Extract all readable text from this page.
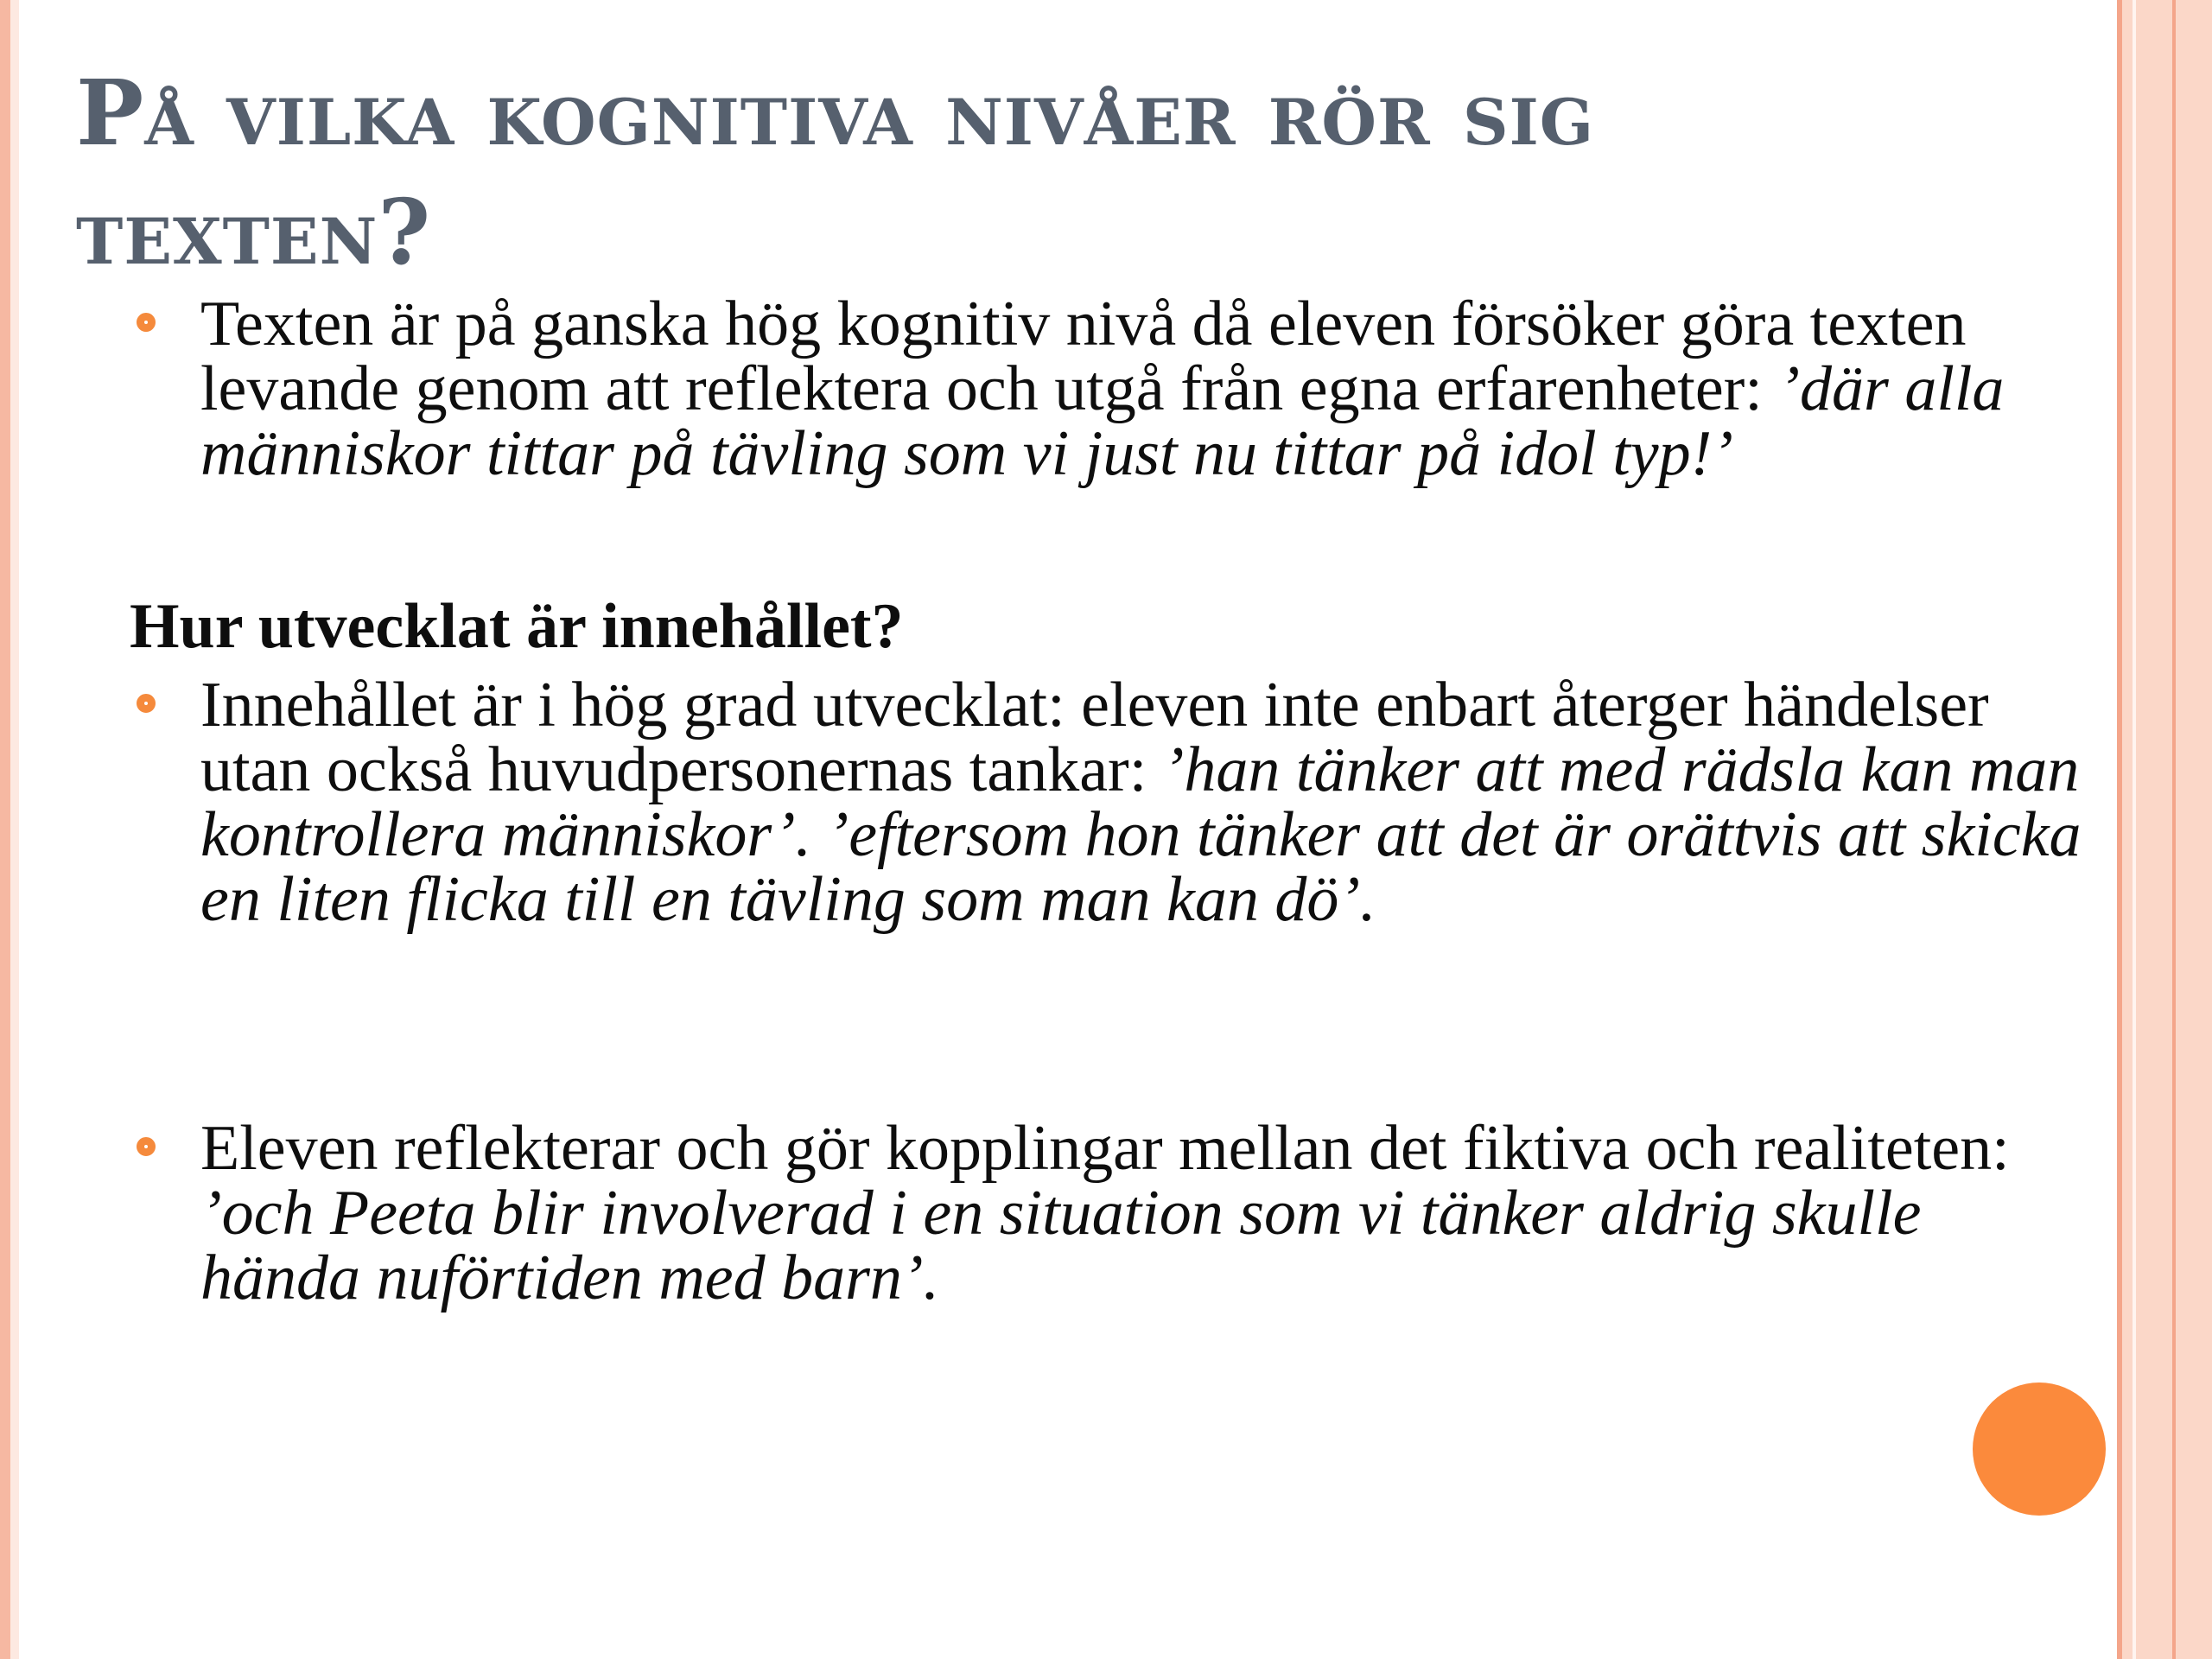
På vilka kognitiva nivåer rör sig
texten?
Texten är på ganska hög kognitiv nivå då eleven försöker göra texten levande genom att reflektera och utgå från egna erfarenheter: ’där alla människor tittar på tävling som vi just nu tittar på idol typ!’
Hur utvecklat är innehållet?
Innehållet är i hög grad utvecklat: eleven inte enbart återger händelser utan också huvudpersonernas tankar: ’han tänker att med rädsla kan man kontrollera människor’. ’eftersom hon tänker att det är orättvis att skicka en liten flicka till en tävling som man kan dö’.
Eleven reflekterar och gör kopplingar mellan det fiktiva och realiteten: ’och Peeta blir involverad i en situation som vi tänker aldrig skulle hända nuförtiden med barn’.
